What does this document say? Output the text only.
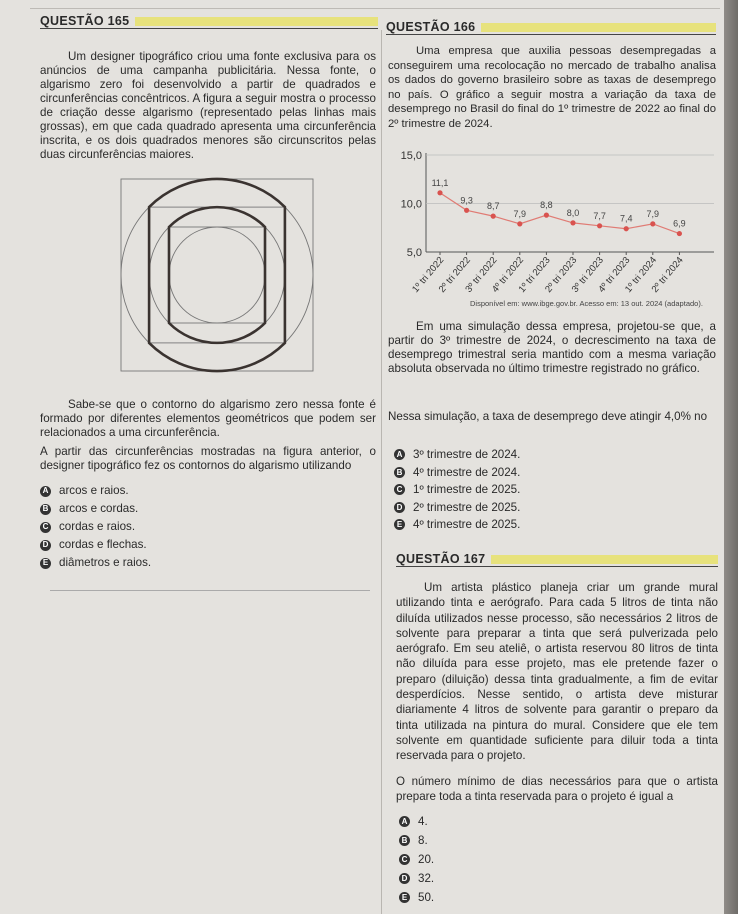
QUESTÃO 165

Um designer tipográfico criou uma fonte exclusiva para os anúncios de uma campanha publicitária. Nessa fonte, o algarismo zero foi desenvolvido a partir de quadrados e circunferências concêntricos. A figura a seguir mostra o processo de criação desse algarismo (representado pelas linhas mais grossas), em que cada quadrado apresenta uma circunferência inscrita, e os dois quadrados menores são circunscritos pelas duas circunferências maiores.

Sabe-se que o contorno do algarismo zero nessa fonte é formado por diferentes elementos geométricos que podem ser relacionados a uma circunferência.

A partir das circunferências mostradas na figura anterior, o designer tipográfico fez os contornos do algarismo utilizando

A arcos e raios.
B arcos e cordas.
C cordas e raios.
D cordas e flechas.
E diâmetros e raios.
QUESTÃO 166

Uma empresa que auxilia pessoas desempregadas a conseguirem uma recolocação no mercado de trabalho analisa os dados do governo brasileiro sobre as taxas de desemprego no país. O gráfico a seguir mostra a variação da taxa de desemprego no Brasil do final do 1º trimestre de 2022 ao final do 2º trimestre de 2024.

15,0
10,0
5,0
11,1
9,3
8,7
7,9
8,8
8,0 7,7 7,4 7,9
6,9
1º tri 2022
2º tri 2022
3º tri 2022
4º tri 2022
1º tri 2023
2º tri 2023
3º tri 2023
4º tri 2023
1º tri 2024
2º tri 2024
Disponível em: www.ibge.gov.br. Acesso em: 13 out. 2024 (adaptado).

Em uma simulação dessa empresa, projetou-se que, a partir do 3º trimestre de 2024, o decrescimento na taxa de desemprego trimestral seria mantido com a mesma variação absoluta observada no último trimestre registrado no gráfico.

Nessa simulação, a taxa de desemprego deve atingir 4,0% no

A 3º trimestre de 2024.
B 4º trimestre de 2024.
C 1º trimestre de 2025.
D 2º trimestre de 2025.
E 4º trimestre de 2025.
QUESTÃO 167

Um artista plástico planeja criar um grande mural utilizando tinta e aerógrafo. Para cada 5 litros de tinta não diluída utilizados nesse processo, são necessários 2 litros de solvente para preparar a tinta que será pulverizada pelo aerógrafo. Em seu ateliê, o artista reservou 80 litros de tinta não diluída para esse projeto, mas ele pretende fazer o preparo (diluição) dessa tinta gradualmente, a fim de evitar desperdícios. Nesse sentido, o artista deve misturar diariamente 4 litros de solvente para garantir o preparo da tinta utilizada na pintura do mural. Considere que ele tem solvente em quantidade suficiente para diluir toda a tinta reservada para o projeto.

O número mínimo de dias necessários para que o artista prepare toda a tinta reservada para o projeto é igual a

A 4.
B 8.
C 20.
D 32.
E 50.
